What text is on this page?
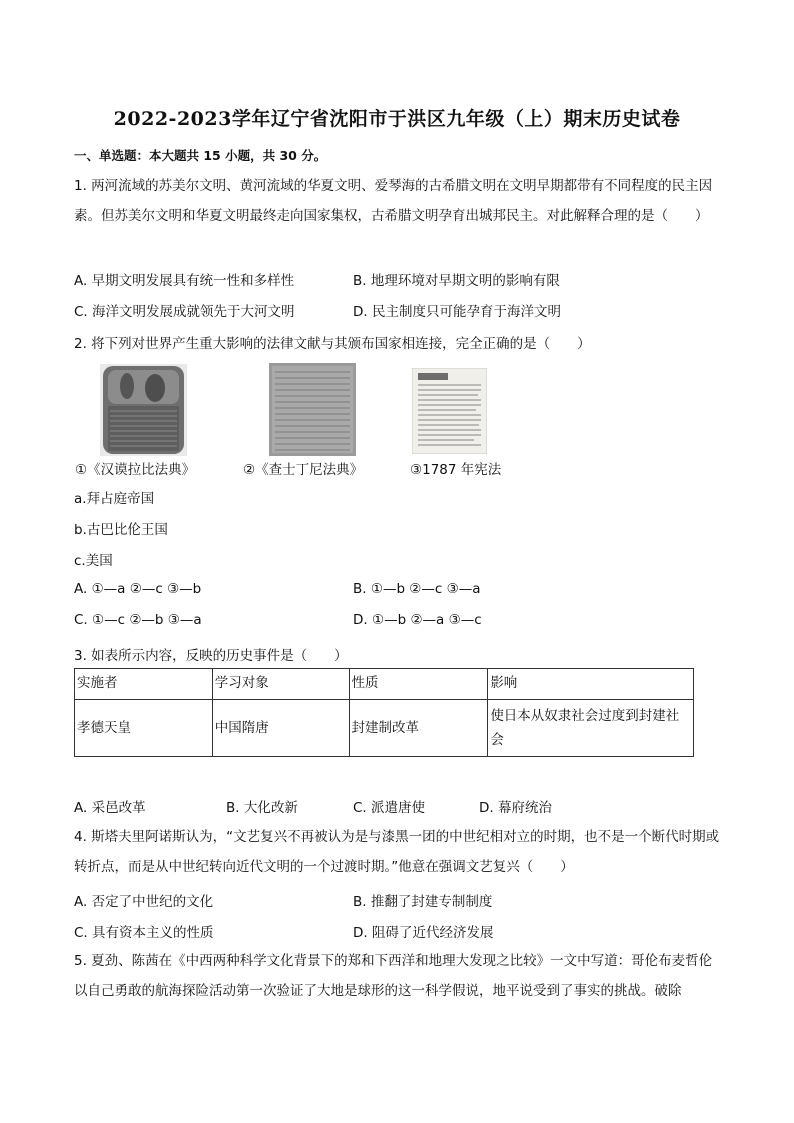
2022-2023学年辽宁省沈阳市于洪区九年级（上）期末历史试卷
一、单选题：本大题共 15 小题，共 30 分。
1. 两河流域的苏美尔文明、黄河流域的华夏文明、爱琴海的古希腊文明在文明早期都带有不同程度的民主因素。但苏美尔文明和华夏文明最终走向国家集权，古希腊文明孕育出城邦民主。对此解释合理的是（　　）
A. 早期文明发展具有统一性和多样性	B. 地理环境对早期文明的影响有限
C. 海洋文明发展成就领先于大河文明	D. 民主制度只可能孕育于海洋文明
2. 将下列对世界产生重大影响的法律文献与其颁布国家相连接，完全正确的是（　　）
①《汉谟拉比法典》	②《查士丁尼法典》	③1787 年宪法
a.拜占庭帝国
b.古巴比伦王国
c.美国
A. ①—a ②—c ③—b	B. ①—b ②—c ③—a
C. ①—c ②—b ③—a	D. ①—b ②—a ③—c
3. 如表所示内容，反映的历史事件是（　　）
实施者	学习对象	性质	影响
孝德天皇	中国隋唐	封建制改革	使日本从奴隶社会过度到封建社会
A. 采邑改革	B. 大化改新	C. 派遣唐使	D. 幕府统治
4. 斯塔夫里阿诺斯认为，“文艺复兴不再被认为是与漆黑一团的中世纪相对立的时期，也不是一个断代时期或转折点，而是从中世纪转向近代文明的一个过渡时期。”他意在强调文艺复兴（　　）
A. 否定了中世纪的文化	B. 推翻了封建专制制度
C. 具有资本主义的性质	D. 阻碍了近代经济发展
5. 夏劲、陈茜在《中西两种科学文化背景下的郑和下西洋和地理大发现之比较》一文中写道：哥伦布麦哲伦以自己勇敢的航海探险活动第一次验证了大地是球形的这一科学假说，地平说受到了事实的挑战。破除
